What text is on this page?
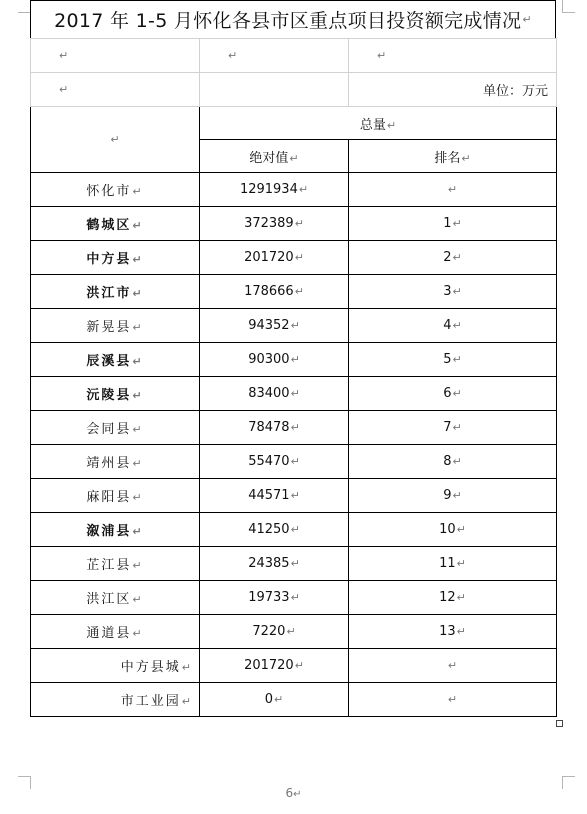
2017 年 1-5 月怀化各县市区重点项目投资额完成情况 ↵
↵	↵	↵
↵		单位：万元
↵	总量 ↵
	绝对值 ↵	排名 ↵
怀化市 ↵	1291934 ↵	↵
鹤城区 ↵	372389 ↵	1 ↵
中方县 ↵	201720 ↵	2 ↵
洪江市 ↵	178666 ↵	3 ↵
新晃县 ↵	94352 ↵	4 ↵
辰溪县 ↵	90300 ↵	5 ↵
沅陵县 ↵	83400 ↵	6 ↵
会同县 ↵	78478 ↵	7 ↵
靖州县 ↵	55470 ↵	8 ↵
麻阳县 ↵	44571 ↵	9 ↵
溆浦县 ↵	41250 ↵	10 ↵
芷江县 ↵	24385 ↵	11 ↵
洪江区 ↵	19733 ↵	12 ↵
通道县 ↵	7220 ↵	13 ↵
中方县城 ↵	201720 ↵	↵
市工业园 ↵	0 ↵	↵
6↵
